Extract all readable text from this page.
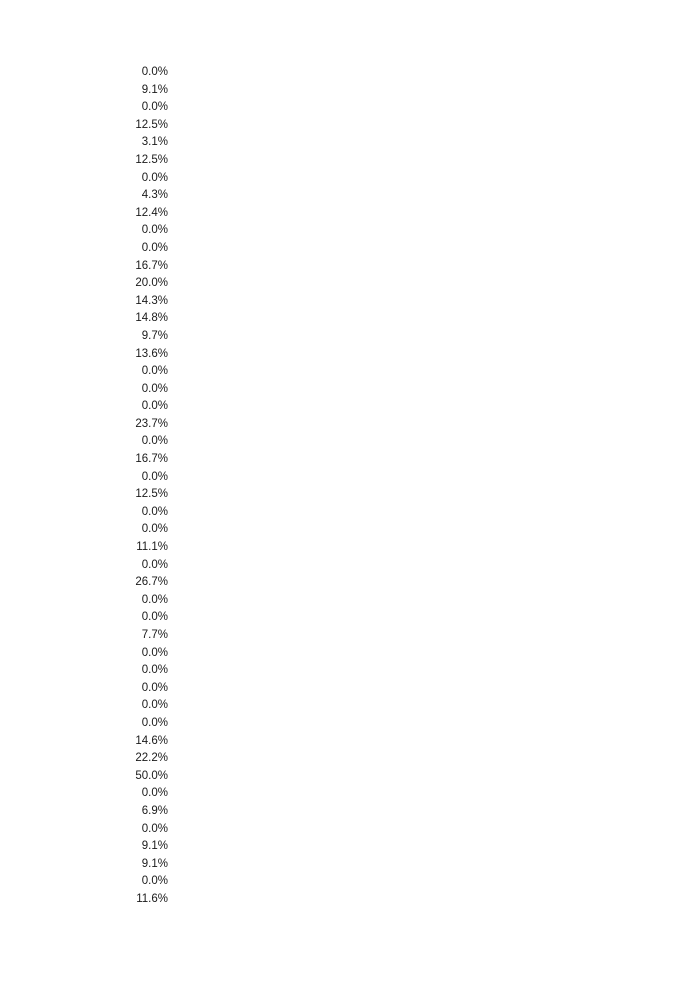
0.0%
9.1%
0.0%
12.5%
3.1%
12.5%
0.0%
4.3%
12.4%
0.0%
0.0%
16.7%
20.0%
14.3%
14.8%
9.7%
13.6%
0.0%
0.0%
0.0%
23.7%
0.0%
16.7%
0.0%
12.5%
0.0%
0.0%
11.1%
0.0%
26.7%
0.0%
0.0%
7.7%
0.0%
0.0%
0.0%
0.0%
0.0%
14.6%
22.2%
50.0%
0.0%
6.9%
0.0%
9.1%
9.1%
0.0%
11.6%
